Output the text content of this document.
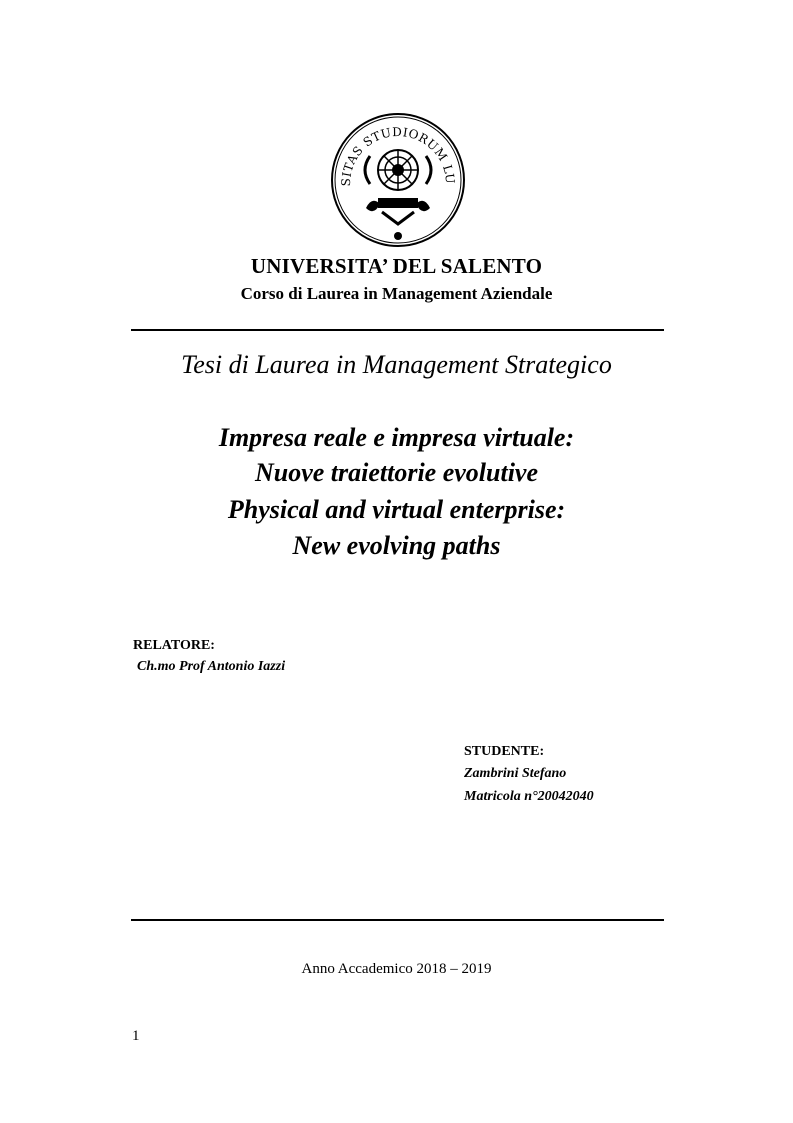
SITAS STUDIORUM LU
UNIVERSITA’ DEL SALENTO
Corso di Laurea in Management Aziendale
Tesi di Laurea in Management Strategico
Impresa reale e impresa virtuale:
Nuove traiettorie evolutive
Physical and virtual enterprise:
New evolving paths
RELATORE:
Ch.mo Prof Antonio Iazzi
STUDENTE:
Zambrini Stefano
Matricola n°20042040
Anno Accademico 2018 – 2019
1
